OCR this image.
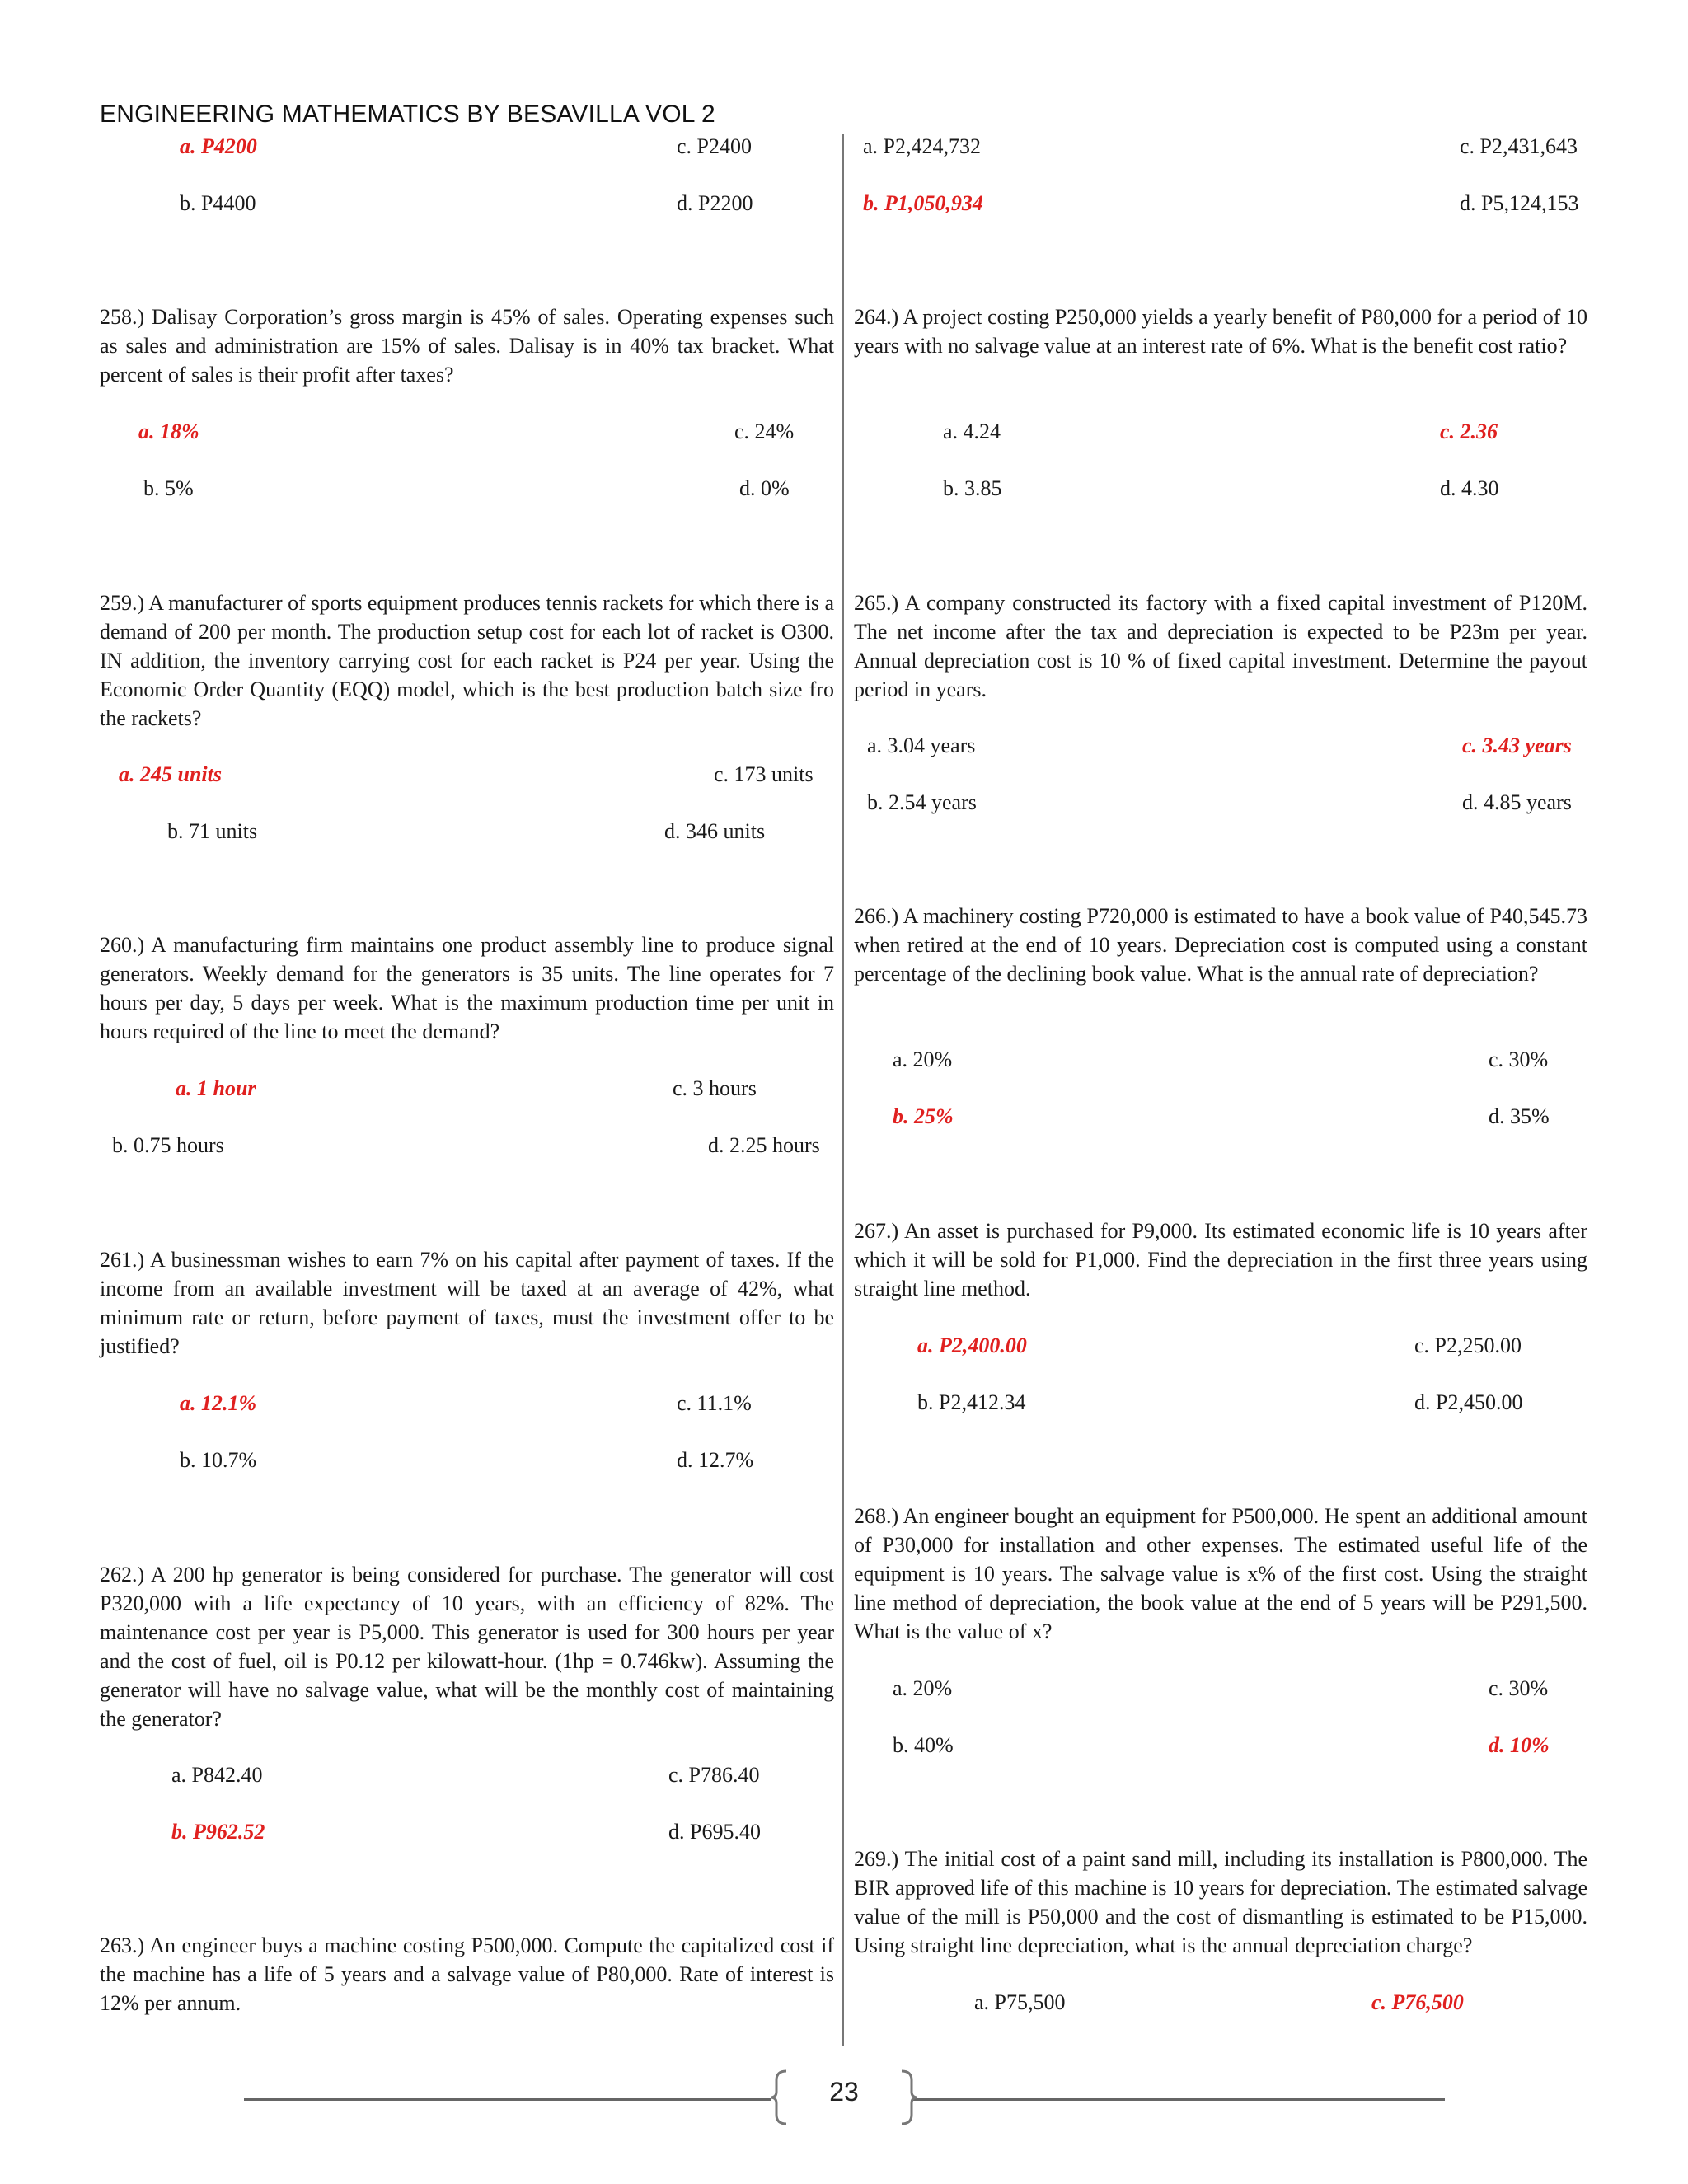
ENGINEERING MATHEMATICS BY BESAVILLA VOL 2
a. P4200	c. P2400
b. P4400	d. P2200
258.) Dalisay Corporation’s gross margin is 45% of sales. Operating expenses such as sales and administration are 15% of sales. Dalisay is in 40% tax bracket. What percent of sales is their profit after taxes?
a. 18%	c. 24%
b. 5%	d. 0%
259.) A manufacturer of sports equipment produces tennis rackets for which there is a demand of 200 per month. The production setup cost for each lot of racket is O300. IN addition, the inventory carrying cost for each racket is P24 per year. Using the Economic Order Quantity (EQQ) model, which is the best production batch size fro the rackets?
a. 245 units	c. 173 units
b. 71 units	d. 346 units
260.) A manufacturing firm maintains one product assembly line to produce signal generators. Weekly demand for the generators is 35 units. The line operates for 7 hours per day, 5 days per week. What is the maximum production time per unit in hours required of the line to meet the demand?
a. 1 hour	c. 3 hours
b. 0.75 hours	d. 2.25 hours
261.) A businessman wishes to earn 7% on his capital after payment of taxes. If the income from an available investment will be taxed at an average of 42%, what minimum rate or return, before payment of taxes, must the investment offer to be justified?
a. 12.1%	c. 11.1%
b. 10.7%	d. 12.7%
262.) A 200 hp generator is being considered for purchase. The generator will cost P320,000 with a life expectancy of 10 years, with an efficiency of 82%. The maintenance cost per year is P5,000. This generator is used for 300 hours per year and the cost of fuel, oil is P0.12 per kilowatt-hour. (1hp = 0.746kw). Assuming the generator will have no salvage value, what will be the monthly cost of maintaining the generator?
a. P842.40	c. P786.40
b. P962.52	d. P695.40
263.) An engineer buys a machine costing P500,000. Compute the capitalized cost if the machine has a life of 5 years and a salvage value of P80,000. Rate of interest is 12% per annum.
a. P2,424,732	c. P2,431,643
b. P1,050,934	d. P5,124,153
264.) A project costing P250,000 yields a yearly benefit of P80,000 for a period of 10 years with no salvage value at an interest rate of 6%. What is the benefit cost ratio?
a. 4.24	c. 2.36
b. 3.85	d. 4.30
265.) A company constructed its factory with a fixed capital investment of P120M. The net income after the tax and depreciation is expected to be P23m per year. Annual depreciation cost is 10 % of fixed capital investment. Determine the payout period in years.
a. 3.04 years	c. 3.43 years
b. 2.54 years	d. 4.85 years
266.) A machinery costing P720,000 is estimated to have a book value of P40,545.73 when retired at the end of 10 years. Depreciation cost is computed using a constant percentage of the declining book value. What is the annual rate of depreciation?
a. 20%	c. 30%
b. 25%	d. 35%
267.) An asset is purchased for P9,000. Its estimated economic life is 10 years after which it will be sold for P1,000. Find the depreciation in the first three years using straight line method.
a. P2,400.00	c. P2,250.00
b. P2,412.34	d. P2,450.00
268.) An engineer bought an equipment for P500,000. He spent an additional amount of P30,000 for installation and other expenses. The estimated useful life of the equipment is 10 years. The salvage value is x% of the first cost. Using the straight line method of depreciation, the book value at the end of 5 years will be P291,500. What is the value of x?
a. 20%	c. 30%
b. 40%	d. 10%
269.) The initial cost of a paint sand mill, including its installation is P800,000. The BIR approved life of this machine is 10 years for depreciation. The estimated salvage value of the mill is P50,000 and the cost of dismantling is estimated to be P15,000. Using straight line depreciation, what is the annual depreciation charge?
a. P75,500	c. P76,500
23
